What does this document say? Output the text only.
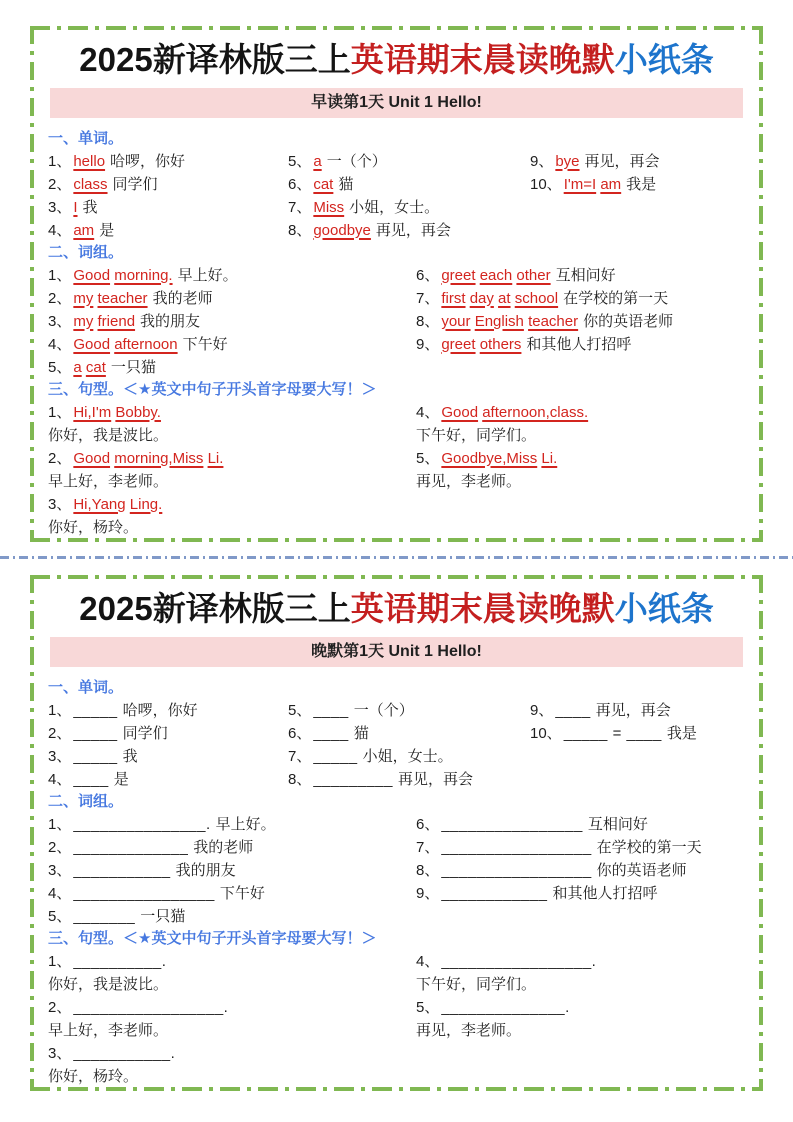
2025新译林版三上英语期末晨读晚默小纸条
早读第1天 Unit 1 Hello!
一、单词。
1、 hello 哈啰，你好
2、 class 同学们
3、 I 我
4、 am 是
5、 a 一（个）
6、 cat 猫
7、 Miss 小姐，女士。
8、 goodbye 再见，再会
9、 bye 再见，再会
10、 I'm=I am 我是
二、词组。
1、 Good morning. 早上好。
2、 my teacher 我的老师
3、 my friend 我的朋友
4、 Good afternoon 下午好
5、 a cat 一只猫
6、 greet each other 互相问好
7、 first day at school 在学校的第一天
8、 your English teacher 你的英语老师
9、 greet others 和其他人打招呼
三、句型。＜★英文中句子开头首字母要大写！＞
1、 Hi,I'm Bobby.
你好，我是波比。
2、 Good morning,Miss Li.
早上好，李老师。
3、 Hi,Yang Ling.
你好，杨玲。
4、 Good afternoon,class.
下午好，同学们。
5、 Goodbye,Miss Li.
再见，李老师。
2025新译林版三上英语期末晨读晚默小纸条
晚默第1天 Unit 1 Hello!
一、单词。
1、 _____ 哈啰，你好
2、 _____ 同学们
3、 _____ 我
4、 ____ 是
5、 ____ 一（个）
6、 ____ 猫
7、 _____ 小姐，女士。
8、 _________ 再见，再会
9、 ____ 再见，再会
10、 _____ = ____ 我是
二、词组。
1、 _______________. 早上好。
2、 _____________ 我的老师
3、 ___________ 我的朋友
4、 ________________ 下午好
5、 _______ 一只猫
6、 ________________ 互相问好
7、 _________________ 在学校的第一天
8、 _________________ 你的英语老师
9、 ____________ 和其他人打招呼
三、句型。＜★英文中句子开头首字母要大写！＞
1、 __________.
你好，我是波比。
2、 _________________.
早上好，李老师。
3、 ___________.
你好，杨玲。
4、 _________________.
下午好，同学们。
5、 ______________.
再见，李老师。
